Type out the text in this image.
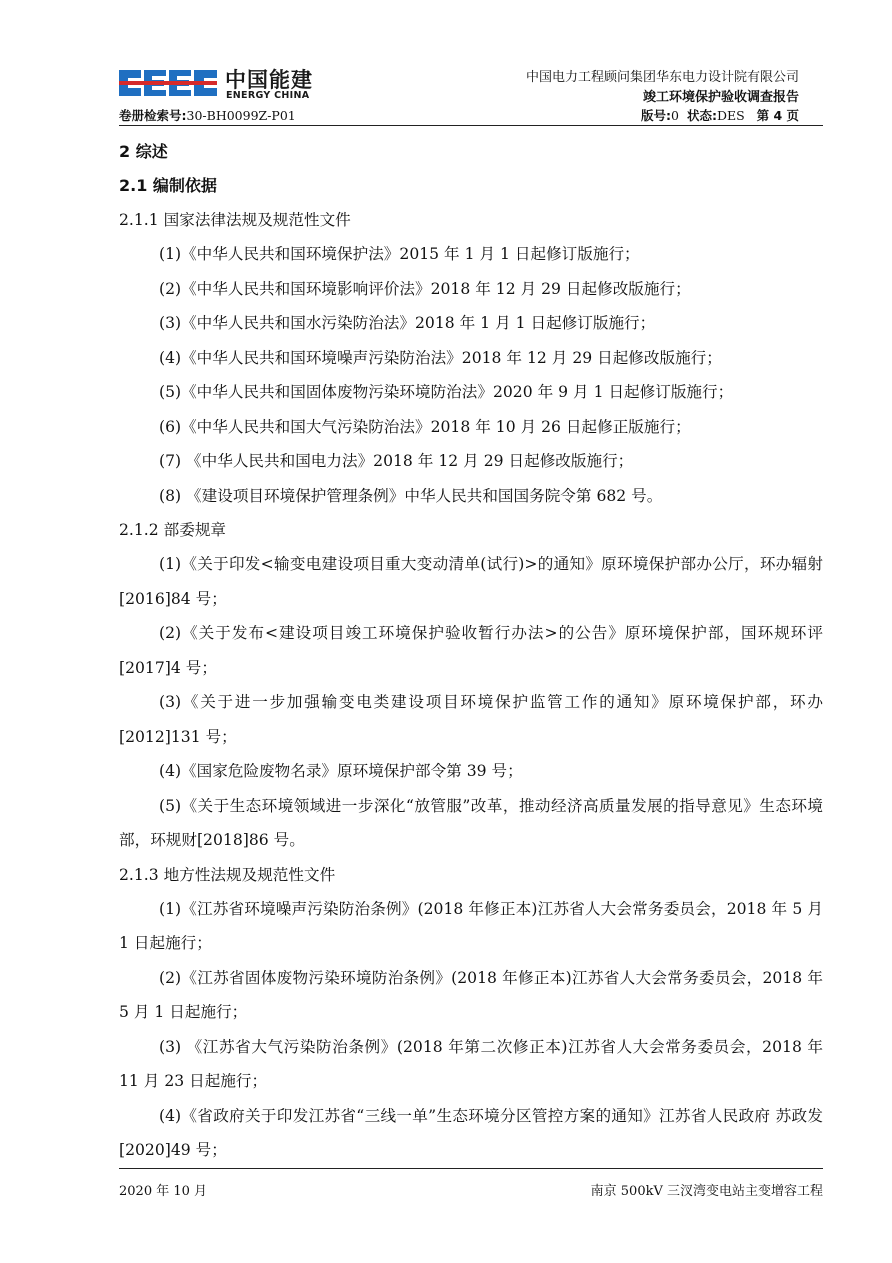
中国能建
ENERGY CHINA
中国电力工程顾问集团华东电力设计院有限公司
竣工环境保护验收调查报告
卷册检索号:30-BH0099Z-P01	版号:0 状态:DES 第 4 页

2 综述

2.1 编制依据

2.1.1 国家法律法规及规范性文件

(1)《中华人民共和国环境保护法》2015 年 1 月 1 日起修订版施行；

(2)《中华人民共和国环境影响评价法》2018 年 12 月 29 日起修改版施行；

(3)《中华人民共和国水污染防治法》2018 年 1 月 1 日起修订版施行；

(4)《中华人民共和国环境噪声污染防治法》2018 年 12 月 29 日起修改版施行；

(5)《中华人民共和国固体废物污染环境防治法》2020 年 9 月 1 日起修订版施行；

(6)《中华人民共和国大气污染防治法》2018 年 10 月 26 日起修正版施行；

(7) 《中华人民共和国电力法》2018 年 12 月 29 日起修改版施行；

(8) 《建设项目环境保护管理条例》中华人民共和国国务院令第 682 号。

2.1.2 部委规章

(1)《关于印发<输变电建设项目重大变动清单(试行)>的通知》原环境保护部办公厅，环办辐射[2016]84 号；

(2)《关于发布<建设项目竣工环境保护验收暂行办法>的公告》原环境保护部，国环规环评[2017]4 号；

(3)《关于进一步加强输变电类建设项目环境保护监管工作的通知》原环境保护部，环办[2012]131 号；

(4)《国家危险废物名录》原环境保护部令第 39 号；

(5)《关于生态环境领域进一步深化“放管服”改革，推动经济高质量发展的指导意见》生态环境部，环规财[2018]86 号。

2.1.3 地方性法规及规范性文件

(1)《江苏省环境噪声污染防治条例》(2018 年修正本)江苏省人大会常务委员会，2018 年 5 月 1 日起施行；

(2)《江苏省固体废物污染环境防治条例》(2018 年修正本)江苏省人大会常务委员会，2018 年 5 月 1 日起施行；

(3) 《江苏省大气污染防治条例》(2018 年第二次修正本)江苏省人大会常务委员会，2018 年 11 月 23 日起施行；

(4)《省政府关于印发江苏省“三线一单”生态环境分区管控方案的通知》江苏省人民政府 苏政发[2020]49 号；

2020 年 10 月	南京 500kV 三汊湾变电站主变增容工程
